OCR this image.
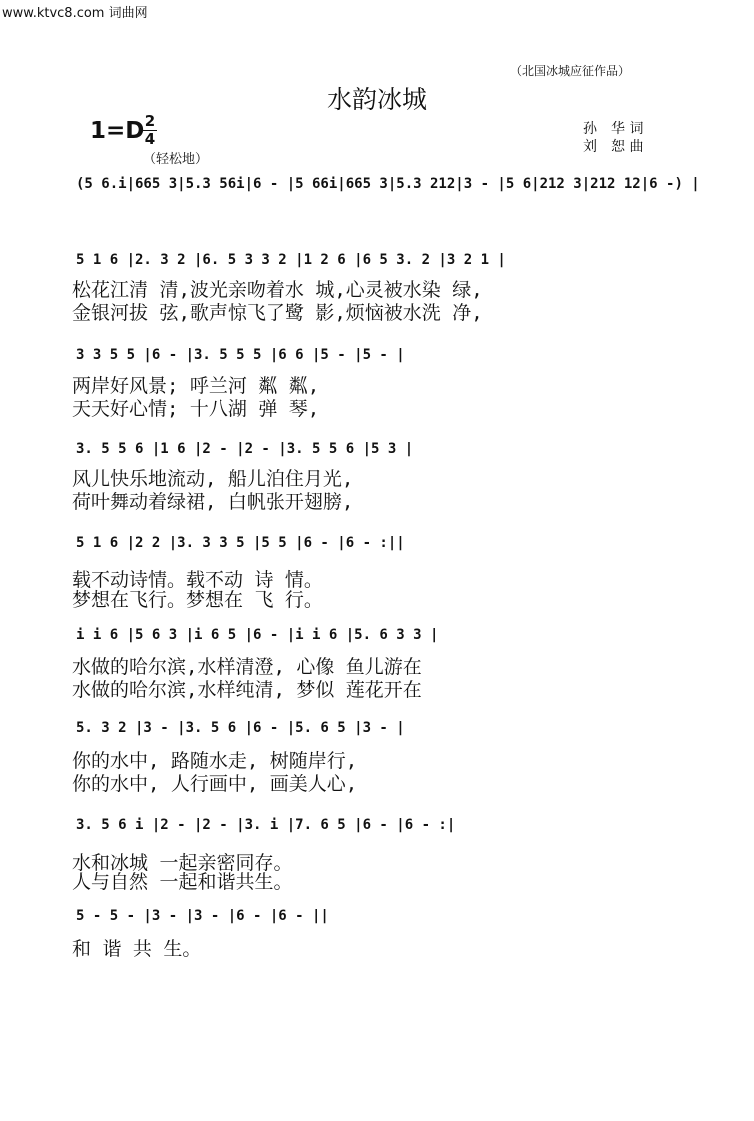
www.ktvc8.com 词曲网
（北国冰城应征作品）
水韵冰城
1=D 2
4
（轻松地）
孙　华 词
刘　恕 曲
(5 6.i|665 3|5.3 56i|6 - |5 66i|665 3|5.3 212|3 - |5 6|212 3|212 12|6 -) |
5 1 6 |2. 3 2 |6. 5 3 3 2 |1 2 6 |6 5 3. 2 |3 2 1 |
松花江清 清,波光亲吻着水 城,心灵被水染 绿,
金银河拔 弦,歌声惊飞了鹭 影,烦恼被水洗 净,
3 3 5 5 |6 - |3. 5 5 5 |6 6 |5 - |5 - |
两岸好风景; 呼兰河 粼 粼,
天天好心情; 十八湖 弹 琴,
3. 5 5 6 |1 6 |2 - |2 - |3. 5 5 6 |5 3 |
风儿快乐地流动, 船儿泊住月光,
荷叶舞动着绿裙, 白帆张开翅膀,
5 1 6 |2 2 |3. 3 3 5 |5 5 |6 - |6 - :||
载不动诗情。载不动 诗 情。
梦想在飞行。梦想在 飞 行。
i i 6 |5 6 3 |i 6 5 |6 - |i i 6 |5. 6 3 3 |
水做的哈尔滨,水样清澄, 心像 鱼儿游在
水做的哈尔滨,水样纯清, 梦似 莲花开在
5. 3 2 |3 - |3. 5 6 |6 - |5. 6 5 |3 - |
你的水中, 路随水走, 树随岸行,
你的水中, 人行画中, 画美人心,
3. 5 6 i |2 - |2 - |3. i |7. 6 5 |6 - |6 - :|
水和冰城 一起亲密同存。
人与自然 一起和谐共生。
5 - 5 - |3 - |3 - |6 - |6 - ||
和 谐 共 生。
